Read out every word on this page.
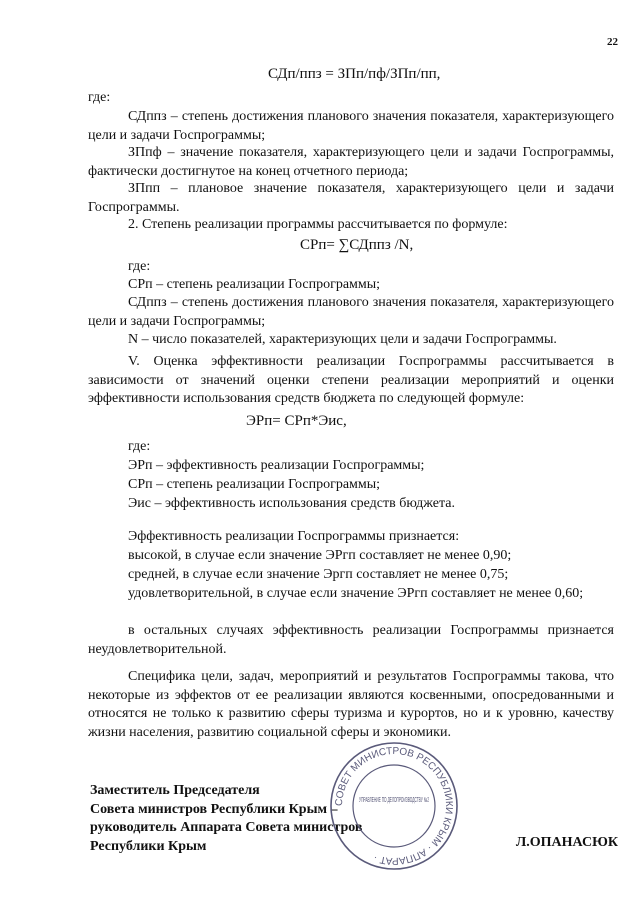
22
СДп/ппз = ЗПп/пф/ЗПп/пп,
где:
СДппз – степень достижения планового значения показателя, характеризующего цели и задачи Госпрограммы;
ЗПпф – значение показателя, характеризующего цели и задачи Госпрограммы, фактически достигнутое на конец отчетного периода;
ЗПпп – плановое значение показателя, характеризующего цели и задачи Госпрограммы.
2. Степень реализации программы рассчитывается по формуле:
СРп= ∑СДппз /N,
где:
СРп – степень реализации Госпрограммы;
СДппз – степень достижения планового значения показателя, характеризующего цели и задачи Госпрограммы;
N – число показателей, характеризующих цели и задачи Госпрограммы.
V. Оценка эффективности реализации Госпрограммы рассчитывается в зависимости от значений оценки степени реализации мероприятий и оценки эффективности использования средств бюджета по следующей формуле:
ЭРп= СРп*Эис,
где:
ЭРп – эффективность реализации Госпрограммы;
СРп – степень реализации Госпрограммы;
Эис – эффективность использования средств бюджета.
Эффективность реализации Госпрограммы признается:
высокой, в случае если значение ЭРгп составляет не менее 0,90;
средней, в случае если значение Эргп составляет не менее 0,75;
удовлетворительной, в случае если значение ЭРгп составляет не менее 0,60;
в остальных случаях эффективность реализации Госпрограммы признается неудовлетворительной.
Специфика цели, задач, мероприятий и результатов Госпрограммы такова, что некоторые из эффектов от ее реализации являются косвенными, опосредованными и относятся не только к развитию сферы туризма и курортов, но и к уровню, качеству жизни населения, развитию социальной сферы и экономики.
Заместитель Председателя
Совета министров Республики Крым –
руководитель Аппарата Совета министров
Республики Крым	Л.ОПАНАСЮК
СОВЕТ МИНИСТРОВ РЕСПУБЛИКИ КРЫМ · АППАРАТ ·
УПРАВЛЕНИЕ ПО ДЕЛОПРОИЗВОДСТВУ №2
